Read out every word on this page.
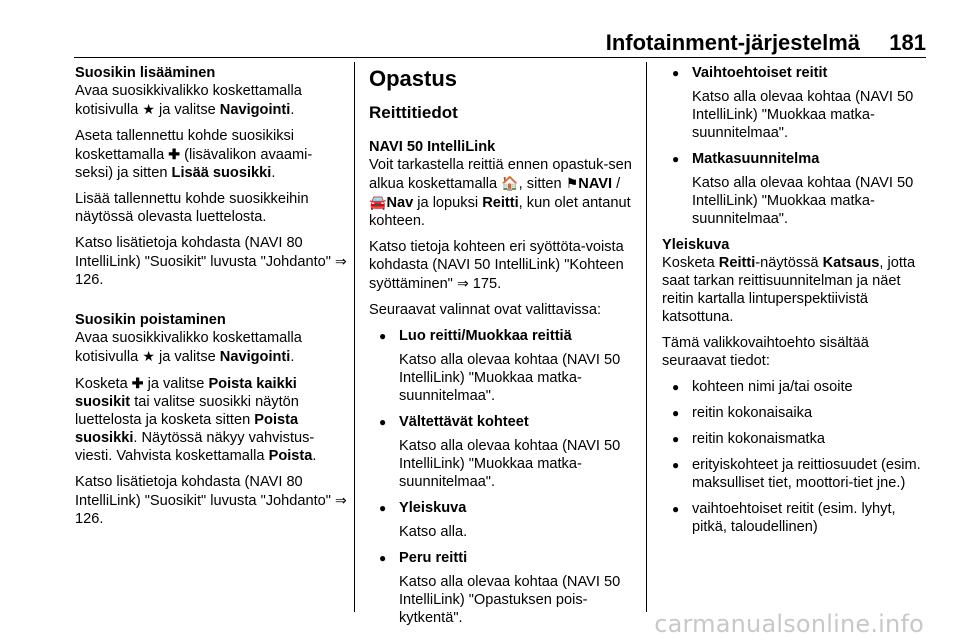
Infotainment-järjestelmä 181
Suosikin lisääminen

Avaa suosikkivalikko koskettamalla kotisivulla ★ ja valitse Navigointi.

Aseta tallennettu kohde suosikiksi koskettamalla ✚ (lisävalikon avaami-seksi) ja sitten Lisää suosikki.

Lisää tallennettu kohde suosikkeihin näytössä olevasta luettelosta.

Katso lisätietoja kohdasta (NAVI 80 IntelliLink) "Suosikit" luvusta "Johdanto" ⇒ 126.

Suosikin poistaminen

Avaa suosikkivalikko koskettamalla kotisivulla ★ ja valitse Navigointi.

Kosketa ✚ ja valitse Poista kaikki suosikit tai valitse suosikki näytön luettelosta ja kosketa sitten Poista suosikki. Näytössä näkyy vahvistus-viesti. Vahvista koskettamalla Poista.

Katso lisätietoja kohdasta (NAVI 80 IntelliLink) "Suosikit" luvusta "Johdanto" ⇒ 126.

Opastus
Reittitiedot
NAVI 50 IntelliLink

Voit tarkastella reittiä ennen opastuk-sen alkua koskettamalla 🏠, sitten ⚑NAVI / 🚘Nav ja lopuksi Reitti, kun olet antanut kohteen.

Katso tietoja kohteen eri syöttöta-voista kohdasta (NAVI 50 IntelliLink) "Kohteen syöttäminen" ⇒ 175.

Seuraavat valinnat ovat valittavissa:

● Luo reitti/Muokkaa reittiä
Katso alla olevaa kohtaa (NAVI 50 IntelliLink) "Muokkaa matka-suunnitelmaa".
● Vältettävät kohteet
Katso alla olevaa kohtaa (NAVI 50 IntelliLink) "Muokkaa matka-suunnitelmaa".
● Yleiskuva
Katso alla.
● Peru reitti
Katso alla olevaa kohtaa (NAVI 50 IntelliLink) "Opastuksen pois-kytkentä".
● Vaihtoehtoiset reitit
Katso alla olevaa kohtaa (NAVI 50 IntelliLink) "Muokkaa matka-suunnitelmaa".
● Matkasuunnitelma
Katso alla olevaa kohtaa (NAVI 50 IntelliLink) "Muokkaa matka-suunnitelmaa".
Yleiskuva

Kosketa Reitti-näytössä Katsaus, jotta saat tarkan reittisuunnitelman ja näet reitin kartalla lintuperspektiivistä katsottuna.

Tämä valikkovaihtoehto sisältää seuraavat tiedot:

● kohteen nimi ja/tai osoite
● reitin kokonaisaika
● reitin kokonaismatka
● erityiskohteet ja reittiosuudet (esim. maksulliset tiet, moottori-tiet jne.)
● vaihtoehtoiset reitit (esim. lyhyt, pitkä, taloudellinen)
carmanualsonline.info
